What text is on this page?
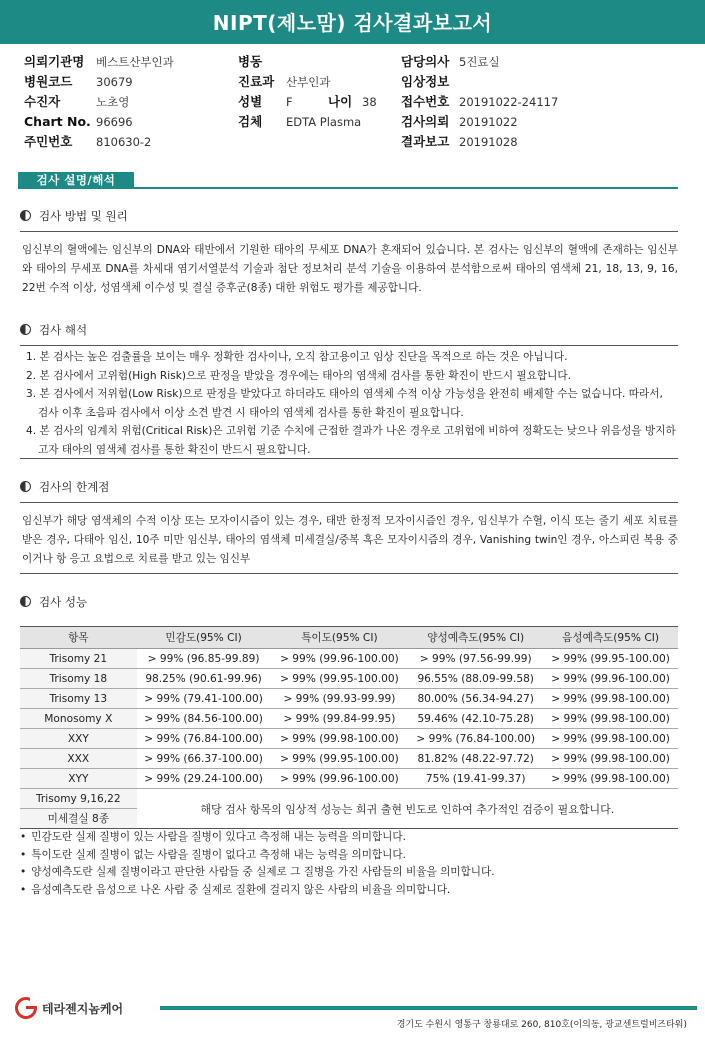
NIPT(제노맘) 검사결과보고서
의뢰기관명 베스트산부인과
병원코드 30679
수진자	노초영
Chart No. 96696
주민번호 810630-2
병동
진료과 산부인과
성별 F	나이 38
검체 EDTA Plasma
담당의사 5진료실
임상정보
접수번호 20191022-24117
검사의뢰 20191022
결과보고 20191028
검사 설명/해석
검사 방법 및 원리
임신부의 혈액에는 임신부의 DNA와 태반에서 기원한 태아의 무세포 DNA가 혼재되어 있습니다. 본 검사는 임신부의 혈액에 존재하는 임신부와 태아의 무세포 DNA를 차세대 염기서열분석 기술과 첨단 정보처리 분석 기술을 이용하여 분석함으로써 태아의 염색체 21, 18, 13, 9, 16, 22번 수적 이상, 성염색체 이수성 및 결실 증후군(8종) 대한 위험도 평가를 제공합니다.
검사 해석
1. 본 검사는 높은 검출률을 보이는 매우 정확한 검사이나, 오직 참고용이고 임상 진단을 목적으로 하는 것은 아닙니다.
2. 본 검사에서 고위험(High Risk)으로 판정을 받았을 경우에는 태아의 염색체 검사를 통한 확진이 반드시 필요합니다.
3. 본 검사에서 저위험(Low Risk)으로 판정을 받았다고 하더라도 태아의 염색체 수적 이상 가능성을 완전히 배제할 수는 없습니다. 따라서, 검사 이후 초음파 검사에서 이상 소견 발견 시 태아의 염색체 검사를 통한 확진이 필요합니다.
4. 본 검사의 임계치 위험(Critical Risk)은 고위험 기준 수치에 근접한 결과가 나온 경우로 고위험에 비하여 정확도는 낮으나 위음성을 방지하고자 태아의 염색체 검사를 통한 확진이 반드시 필요합니다.
검사의 한계점
임신부가 해당 염색체의 수적 이상 또는 모자이시즘이 있는 경우, 태반 한정적 모자이시즘인 경우, 임신부가 수혈, 이식 또는 줄기 세포 치료를 받은 경우, 다태아 임신, 10주 미만 임신부, 태아의 염색체 미세결실/중복 혹은 모자이시즘의 경우, Vanishing twin인 경우, 아스피린 복용 중이거나 항 응고 요법으로 치료를 받고 있는 임신부
검사 성능
항목	민감도(95% CI)	특이도(95% CI)	양성예측도(95% CI)	음성예측도(95% CI)
Trisomy 21	> 99% (96.85-99.89)	> 99% (99.96-100.00)	> 99% (97.56-99.99)	> 99% (99.95-100.00)
Trisomy 18	98.25% (90.61-99.96)	> 99% (99.95-100.00)	96.55% (88.09-99.58)	> 99% (99.96-100.00)
Trisomy 13	> 99% (79.41-100.00)	> 99% (99.93-99.99)	80.00% (56.34-94.27)	> 99% (99.98-100.00)
Monosomy X	> 99% (84.56-100.00)	> 99% (99.84-99.95)	59.46% (42.10-75.28)	> 99% (99.98-100.00)
XXY	> 99% (76.84-100.00)	> 99% (99.98-100.00)	> 99% (76.84-100.00)	> 99% (99.98-100.00)
XXX	> 99% (66.37-100.00)	> 99% (99.95-100.00)	81.82% (48.22-97.72)	> 99% (99.98-100.00)
XYY	> 99% (29.24-100.00)	> 99% (99.96-100.00)	75% (19.41-99.37)	> 99% (99.98-100.00)
Trisomy 9,16,22	해당 검사 항목의 임상적 성능는 희귀 출현 빈도로 인하여 추가적인 검증이 필요합니다.			
미세결실 8종				
• 민감도란 실제 질병이 있는 사람을 질병이 있다고 측정해 내는 능력을 의미합니다.
• 특이도란 실제 질병이 없는 사람을 질병이 없다고 측정해 내는 능력을 의미합니다.
• 양성예측도란 실제 질병이라고 판단한 사람들 중 실제로 그 질병을 가진 사람들의 비율을 의미합니다.
• 음성예측도란 음성으로 나온 사람 중 실제로 질환에 걸리지 않은 사람의 비율을 의미합니다.
테라젠지놈케어
경기도 수원시 영통구 창룡대로 260, 810호(이의동, 광교센트럴비즈타워)
